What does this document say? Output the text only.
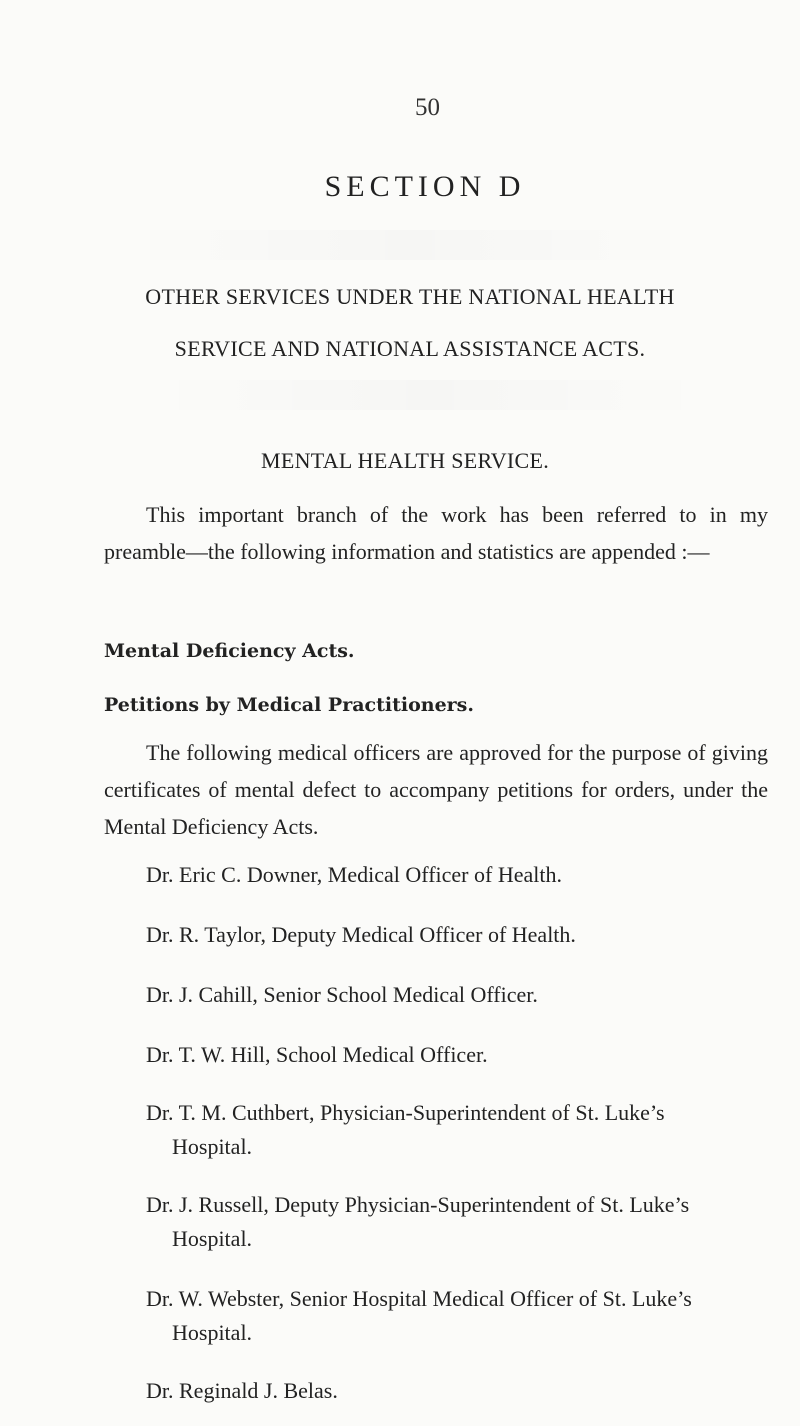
50
SECTION D
OTHER SERVICES UNDER THE NATIONAL HEALTH
SERVICE AND NATIONAL ASSISTANCE ACTS.
MENTAL HEALTH SERVICE.

This important branch of the work has been referred to in my preamble—the following information and statistics are appended :—

Mental Deficiency Acts.
Petitions by Medical Practitioners.

The following medical officers are approved for the purpose of giving certificates of mental defect to accompany petitions for orders, under the Mental Deficiency Acts.

Dr. Eric C. Downer, Medical Officer of Health.
Dr. R. Taylor, Deputy Medical Officer of Health.
Dr. J. Cahill, Senior School Medical Officer.
Dr. T. W. Hill, School Medical Officer.
Dr. T. M. Cuthbert, Physician-Superintendent of St. Luke’s
Hospital.
Dr. J. Russell, Deputy Physician-Superintendent of St. Luke’s
Hospital.
Dr. W. Webster, Senior Hospital Medical Officer of St. Luke’s
Hospital.
Dr. Reginald J. Belas.
